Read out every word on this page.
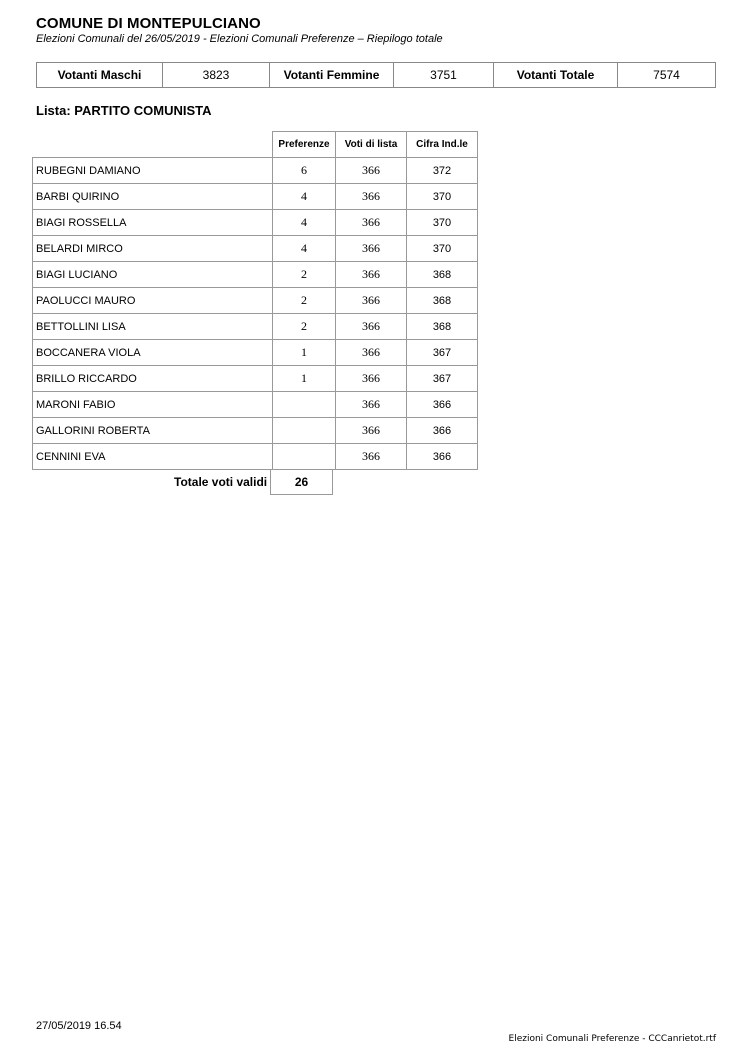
COMUNE DI MONTEPULCIANO
Elezioni Comunali del 26/05/2019 - Elezioni Comunali Preferenze – Riepilogo totale
Votanti Maschi	3823	Votanti Femmine	3751	Votanti Totale	7574
Lista: PARTITO COMUNISTA
	Preferenze	Voti di lista	Cifra Ind.le
RUBEGNI DAMIANO	6	366	372
BARBI QUIRINO	4	366	370
BIAGI ROSSELLA	4	366	370
BELARDI MIRCO	4	366	370
BIAGI LUCIANO	2	366	368
PAOLUCCI MAURO	2	366	368
BETTOLLINI LISA	2	366	368
BOCCANERA VIOLA	1	366	367
BRILLO RICCARDO	1	366	367
MARONI FABIO		366	366
GALLORINI ROBERTA		366	366
CENNINI EVA		366	366
Totale voti validi	26
27/05/2019 16.54
Elezioni Comunali Preferenze - CCCanrietot.rtf
